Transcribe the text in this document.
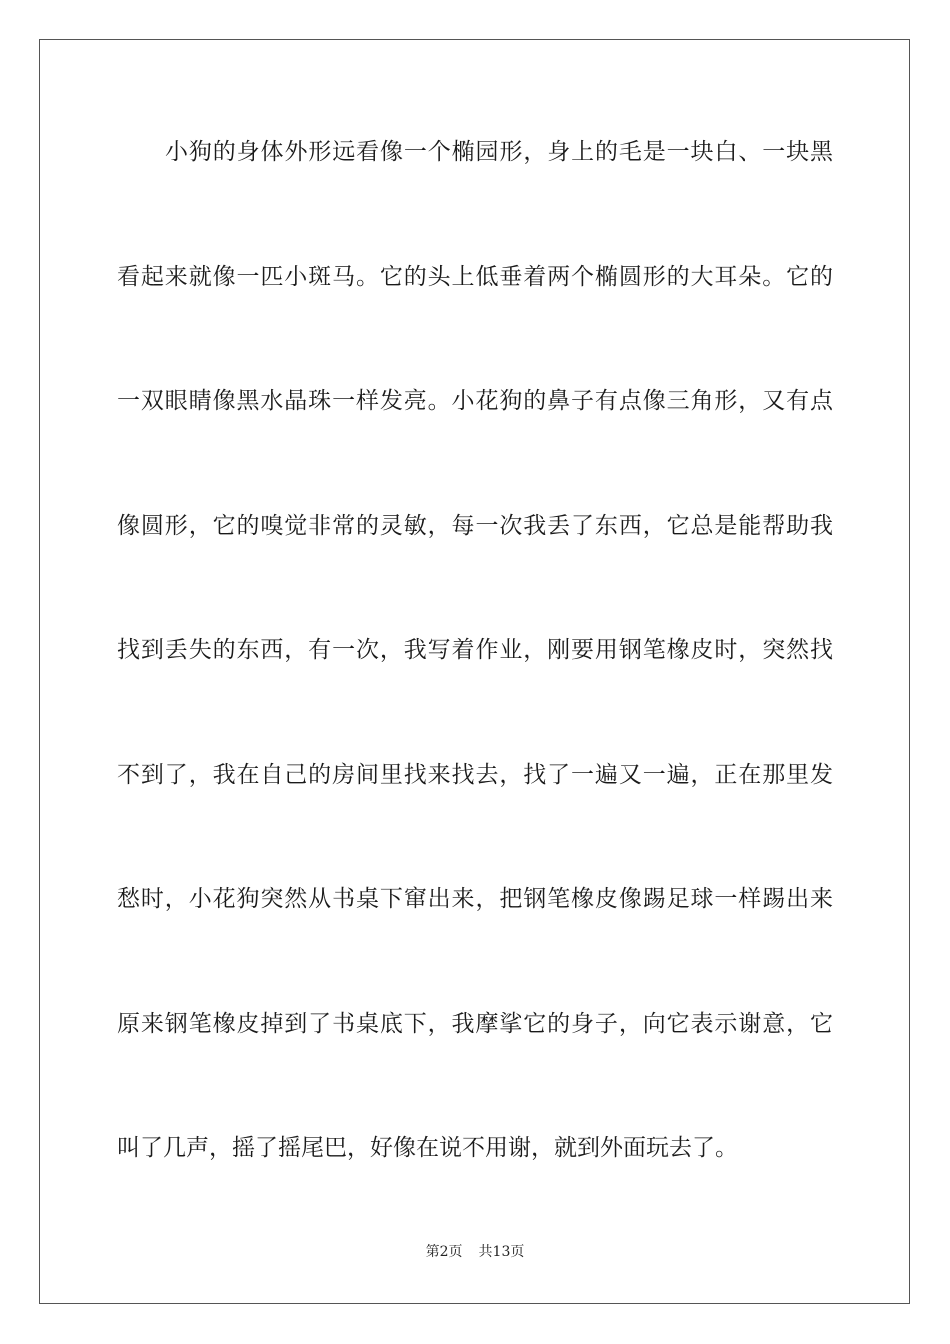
小狗的身体外形远看像一个椭园形，身上的毛是一块白、一块黑
看起来就像一匹小斑马。它的头上低垂着两个椭圆形的大耳朵。它的
一双眼睛像黑水晶珠一样发亮。小花狗的鼻子有点像三角形，又有点
像圆形，它的嗅觉非常的灵敏，每一次我丢了东西，它总是能帮助我
找到丢失的东西，有一次，我写着作业，刚要用钢笔橡皮时，突然找
不到了，我在自己的房间里找来找去，找了一遍又一遍，正在那里发
愁时，小花狗突然从书桌下窜出来，把钢笔橡皮像踢足球一样踢出来
原来钢笔橡皮掉到了书桌底下，我摩挲它的身子，向它表示谢意，它
叫了几声，摇了摇尾巴，好像在说不用谢，就到外面玩去了。
第2页 共13页
